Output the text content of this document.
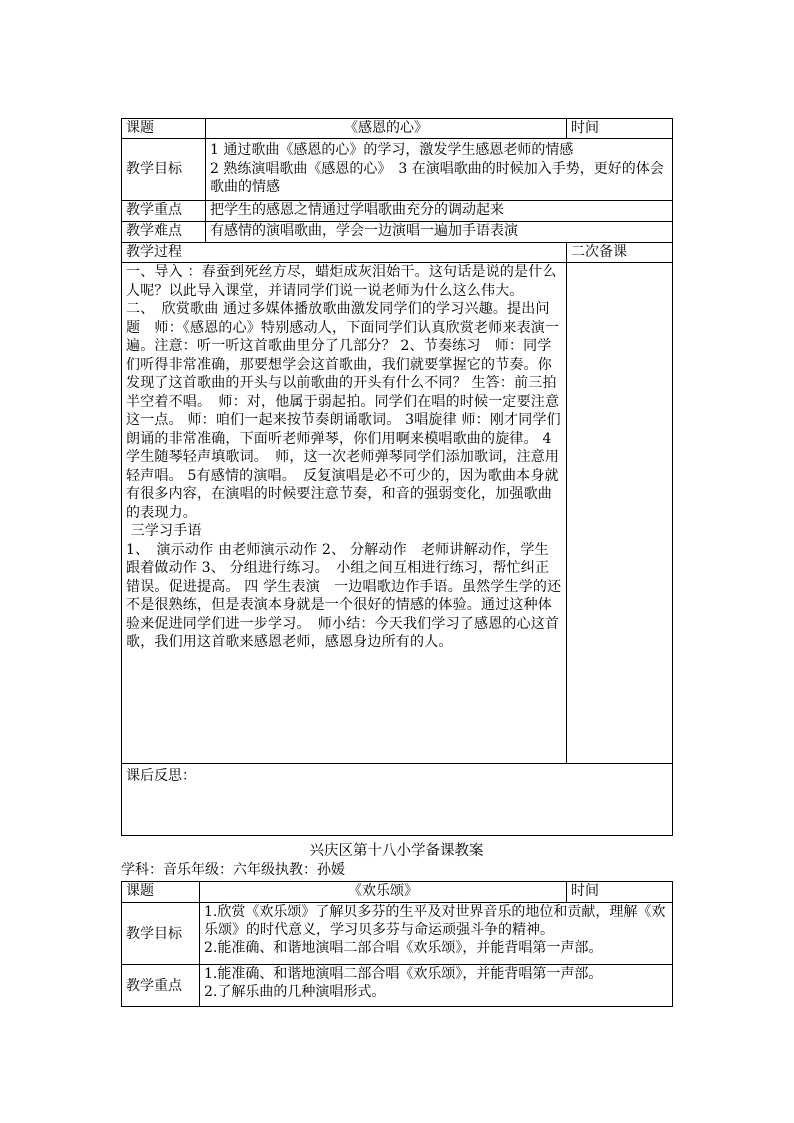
课题	《感恩的心》	时间
教学目标	1 通过歌曲《感恩的心》的学习，激发学生感恩老师的情感
2 熟练演唱歌曲《感恩的心》　3 在演唱歌曲的时候加入手势，更好的体会歌曲的情感	

教学重点	把学生的感恩之情通过学唱歌曲充分的调动起来	
教学难点	有感情的演唱歌曲，学会一边演唱一遍加手语表演	
教学过程		二次备课

一、导入 ：春蚕到死丝方尽，蜡炬成灰泪始干。这句话是说的是什么人呢？以此导入课堂，并请同学们说一说老师为什么这么伟大。

二、　欣赏歌曲 通过多媒体播放歌曲激发同学们的学习兴趣。提出问题　师：《感恩的心》特别感动人，下面同学们认真欣赏老师来表演一遍。注意：听一听这首歌曲里分了几部分？ 2、节奏练习　师：同学们听得非常准确，那要想学会这首歌曲，我们就要掌握它的节奏。你发现了这首歌曲的开头与以前歌曲的开头有什么不同？ 生答：前三拍半空着不唱。　师：对，他属于弱起拍。同学们在唱的时候一定要注意这一点。 师：咱们一起来按节奏朗诵歌词。 3唱旋律 师：刚才同学们朗诵的非常准确，下面听老师弹琴，你们用啊来模唱歌曲的旋律。 4学生随琴轻声填歌词。　师，这一次老师弹琴同学们添加歌词，注意用轻声唱。 5有感情的演唱。　反复演唱是必不可少的，因为歌曲本身就有很多内容，在演唱的时候要注意节奏，和音的强弱变化，加强歌曲的表现力。

三学习手语

1、　演示动作 由老师演示动作 2、 分解动作　老师讲解动作，学生跟着做动作 3、 分组进行练习。　小组之间互相进行练习，帮忙纠正错误。促进提高。 四 学生表演　一边唱歌边作手语。虽然学生学的还不是很熟练，但是表演本身就是一个很好的情感的体验。通过这种体验来促进同学们进一步学习。　师小结：今天我们学习了感恩的心这首歌，我们用这首歌来感恩老师，感恩身边所有的人。		

课后反思：		
兴庆区第十八小学备课教案
学科：音乐年级：六年级执教：孙媛
课题	《欢乐颂》	时间
教学目标	1.欣赏《欢乐颂》了解贝多芬的生平及对世界音乐的地位和贡献，理解《欢乐颂》的时代意义，学习贝多芬与命运顽强斗争的精神。
2.能准确、和谐地演唱二部合唱《欢乐颂》，并能背唱第一声部。	

教学重点	1.能准确、和谐地演唱二部合唱《欢乐颂》，并能背唱第一声部。
2.了解乐曲的几种演唱形式。	
